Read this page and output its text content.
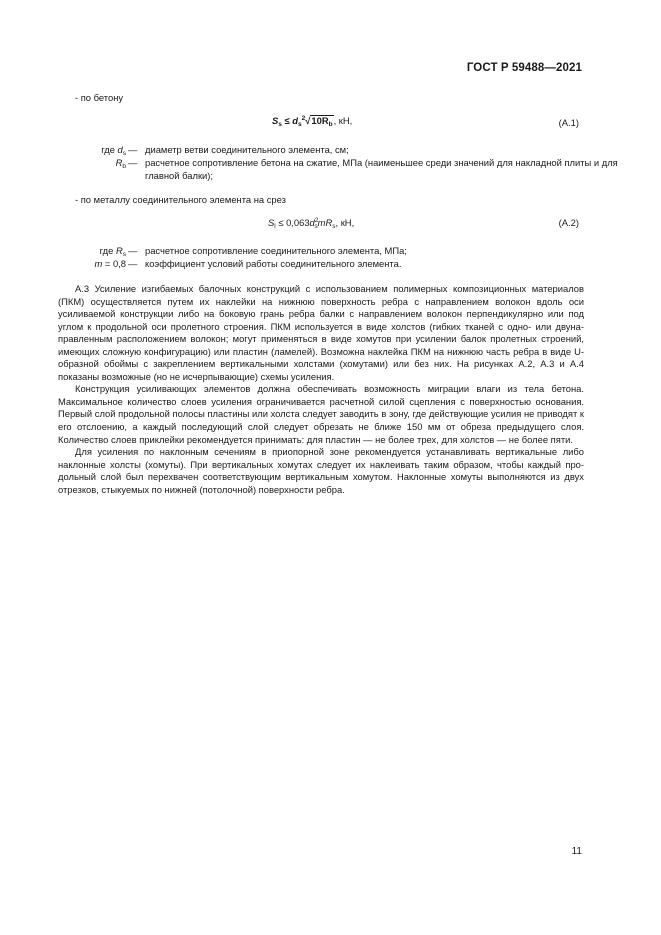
ГОСТ Р 59488—2021
- по бетону
$S_s \le d_s^2√10R_b$, кН,	(А.1)
где $d_s$ — диаметр ветви соединительного элемента, см;
$R_b$ — расчетное сопротивление бетона на сжатие, МПа (наименьшее среди значений для накладной плиты и для главной балки);
- по металлу соединительного элемента на срез
$S_l \le 0,063d^2_smR_s$, кН,	(А.2)
где $R_s$ — расчетное сопротивление соединительного элемента, МПа;
m = 0,8 — коэффициент условий работы соединительного элемента.

А.3 Усиление изгибаемых балочных конструкций с использованием полимерных композиционных материалов (ПКМ) осуществляется путем их наклейки на нижнюю поверхность ребра с направлением волокон вдоль оси усиливаемой конструкции либо на боковую грань ребра балки с направлением волокон перпендикулярно или под углом к продольной оси пролетного строения. ПКМ используется в виде холстов (гибких тканей с одно- или двунаправленным расположением волокон; могут применяться в виде хомутов при усилении балок пролетных строений, имеющих сложную конфигурацию) или пластин (ламелей). Возможна наклейка ПКМ на нижнюю часть ребра в виде U-образной обоймы с закреплением вертикальными холстами (хомутами) или без них. На рисунках А.2, А.3 и А.4 показаны возможные (но не исчерпывающие) схемы усиления.

Конструкция усиливающих элементов должна обеспечивать возможность миграции влаги из тела бетона. Максимальное количество слоев усиления ограничивается расчетной силой сцепления с поверхностью основания. Первый слой продольной полосы пластины или холста следует заводить в зону, где действующие усилия не приводят к его отслоению, а каждый последующий слой следует обрезать не ближе 150 мм от обреза предыдущего слоя. Количество слоев приклейки рекомендуется принимать: для пластин — не более трех, для холстов — не более пяти.

Для усиления по наклонным сечениям в приопорной зоне рекомендуется устанавливать вертикальные либо наклонные холсты (хомуты). При вертикальных хомутах следует их наклеивать таким образом, чтобы каждый продольный слой был перехвачен соответствующим вертикальным хомутом. Наклонные хомуты выполняются из двух отрезков, стыкуемых по нижней (потолочной) поверхности ребра.

11
